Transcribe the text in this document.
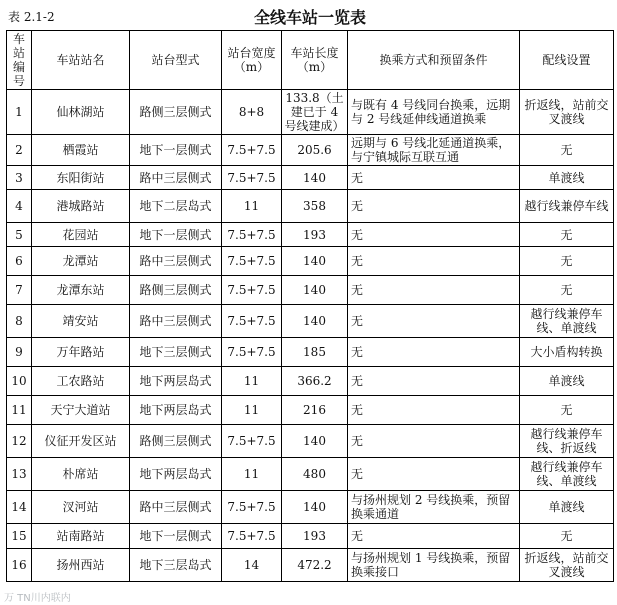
表 2.1-2	全线车站一览表
车站编号	车站站名	站台型式	站台宽度（m）	车站长度（m）	换乘方式和预留条件	配线设置
1	仙林湖站	路侧三层侧式	8+8	133.8（土建已于 4 号线建成）	与既有 4 号线同台换乘，远期与 2 号线延伸线通道换乘	折返线，站前交叉渡线
2	栖霞站	地下一层侧式	7.5+7.5	205.6	远期与 6 号线北延通道换乘，与宁镇城际互联互通	无
3	东阳街站	路中三层侧式	7.5+7.5	140	无	单渡线
4	港城路站	地下二层岛式	11	358	无	越行线兼停车线
5	花园站	地下一层侧式	7.5+7.5	193	无	无
6	龙潭站	路中三层侧式	7.5+7.5	140	无	无
7	龙潭东站	路侧三层侧式	7.5+7.5	140	无	无
8	靖安站	路中三层侧式	7.5+7.5	140	无	越行线兼停车线、单渡线
9	万年路站	地下三层侧式	7.5+7.5	185	无	大小盾构转换
10	工农路站	地下两层岛式	11	366.2	无	单渡线
11	天宁大道站	地下两层岛式	11	216	无	无
12	仪征开发区站	路侧三层侧式	7.5+7.5	140	无	越行线兼停车线、折返线
13	朴席站	地下两层岛式	11	480	无	越行线兼停车线、单渡线
14	汊河站	路中三层侧式	7.5+7.5	140	与扬州规划 2 号线换乘，预留换乘通道	单渡线
15	站南路站	地下一层侧式	7.5+7.5	193	无	无
16	扬州西站	地下三层岛式	14	472.2	与扬州规划 1 号线换乘，预留换乘接口	折返线，站前交叉渡线
万 TN川内联内
